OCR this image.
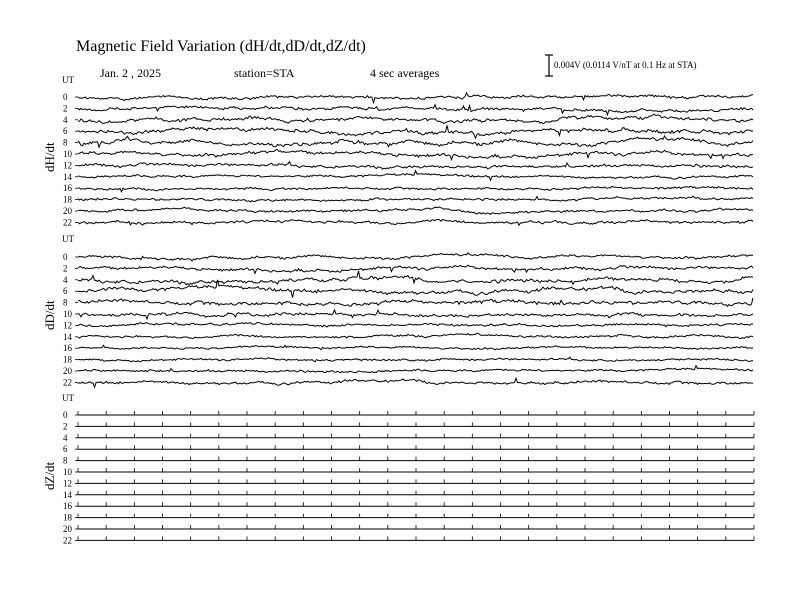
Magnetic Field Variation (dH/dt,dD/dt,dZ/dt)
Jan. 2 , 2025	station=STA	4 sec averages
0.004V (0.0114 V/nT at 0.1 Hz at STA)
UT
0
2
4
6
8
10
12
14
16
18
20
22
UT
0
2
4
6
8
10
12
14
16
18
20
22
UT
0
2
4
6
8
10
12
14
16
18
20
22
dH/dt
dD/dt
dZ/dt
